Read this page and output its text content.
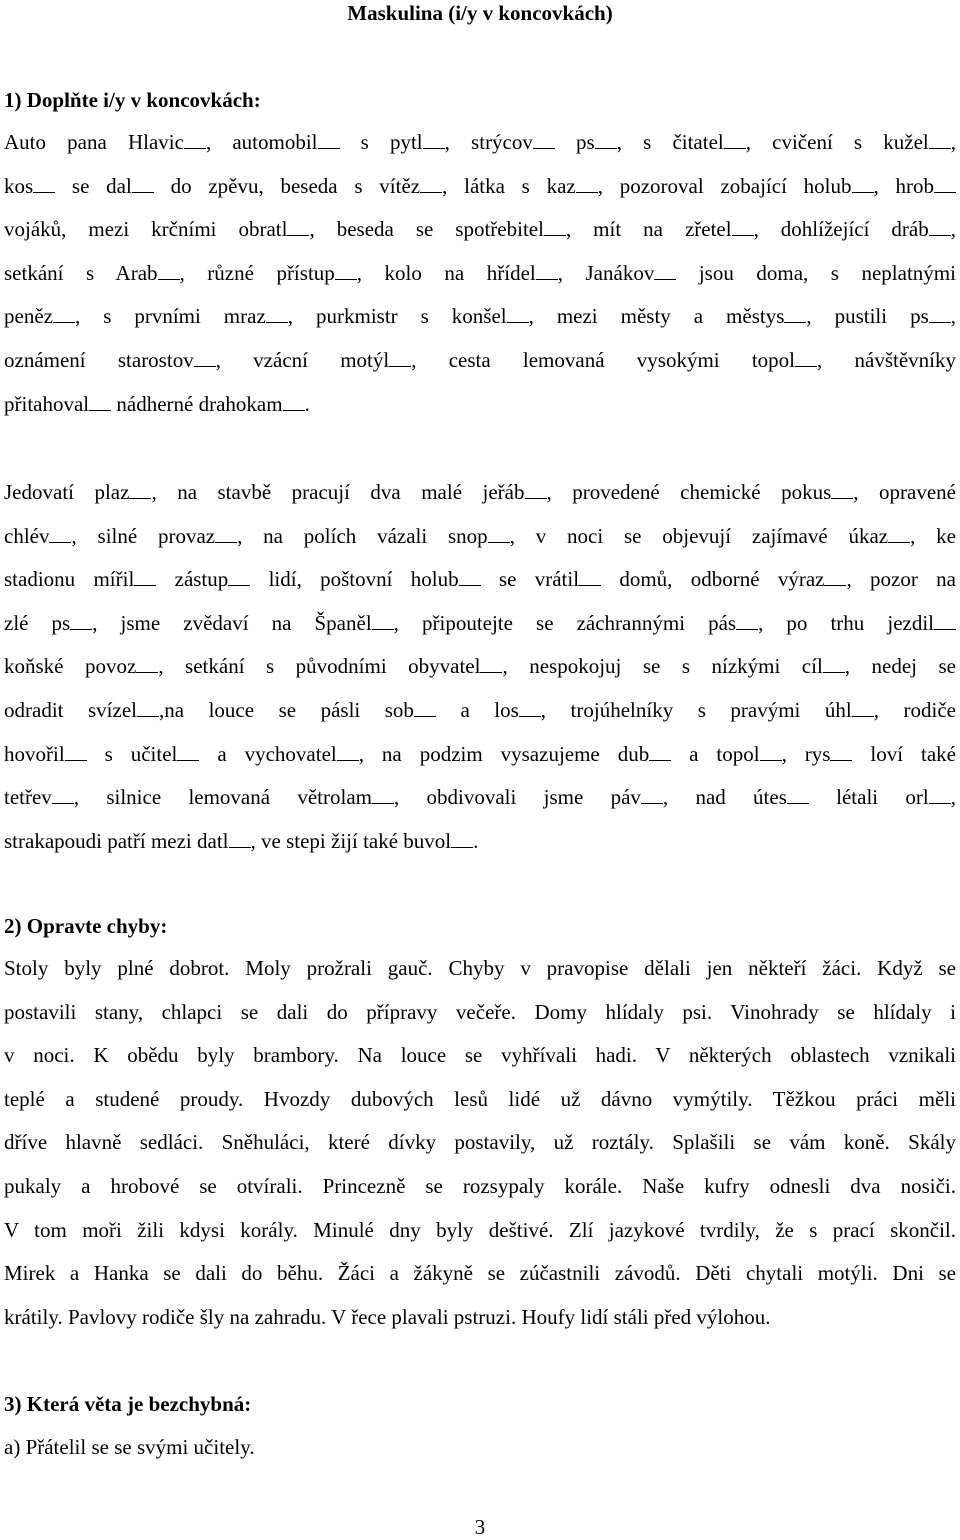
Maskulina (i/y v koncovkách)
1) Doplňte i/y v koncovkách:
Auto pana Hlavic , automobil s pytl , strýcov ps , s čitatel , cvičení s kužel ,
kos se dal do zpěvu, beseda s vítěz , látka s kaz , pozoroval zobající holub , hrob
vojáků, mezi krčními obratl , beseda se spotřebitel , mít na zřetel , dohlížející dráb ,
setkání s Arab , různé přístup , kolo na hřídel , Janákov jsou doma, s neplatnými
peněz , s prvními mraz , purkmistr s konšel , mezi městy a městys , pustili ps ,
oznámení starostov , vzácní motýl , cesta lemovaná vysokými topol , návštěvníky
přitahoval nádherné drahokam .
Jedovatí plaz , na stavbě pracují dva malé jeřáb , provedené chemické pokus , opravené
chlév , silné provaz , na polích vázali snop , v noci se objevují zajímavé úkaz , ke
stadionu mířil zástup lidí, poštovní holub se vrátil domů, odborné výraz , pozor na
zlé ps , jsme zvědaví na Španěl , připoutejte se záchrannými pás , po trhu jezdil
koňské povoz , setkání s původními obyvatel , nespokojuj se s nízkými cíl , nedej se
odradit svízel ,na louce se pásli sob a los , trojúhelníky s pravými úhl , rodiče
hovořil s učitel a vychovatel , na podzim vysazujeme dub a topol , rys loví také
tetřev , silnice lemovaná větrolam , obdivovali jsme páv , nad útes létali orl ,
strakapoudi patří mezi datl , ve stepi žijí také buvol .
2) Opravte chyby:
Stoly byly plné dobrot. Moly prožrali gauč. Chyby v pravopise dělali jen někteří žáci. Když se
postavili stany, chlapci se dali do přípravy večeře. Domy hlídaly psi. Vinohrady se hlídaly i
v noci. K obědu byly brambory. Na louce se vyhřívali hadi. V některých oblastech vznikali
teplé a studené proudy. Hvozdy dubových lesů lidé už dávno vymýtily. Těžkou práci měli
dříve hlavně sedláci. Sněhuláci, které dívky postavily, už roztály. Splašili se vám koně. Skály
pukaly a hrobové se otvírali. Princezně se rozsypaly korále. Naše kufry odnesli dva nosiči.
V tom moři žili kdysi korály. Minulé dny byly deštivé. Zlí jazykové tvrdily, že s prací skončil.
Mirek a Hanka se dali do běhu. Žáci a žákyně se zúčastnili závodů. Děti chytali motýli. Dni se
krátily. Pavlovy rodiče šly na zahradu. V řece plavali pstruzi. Houfy lidí stáli před výlohou.
3) Která věta je bezchybná:
a) Přátelil se se svými učitely.
3
